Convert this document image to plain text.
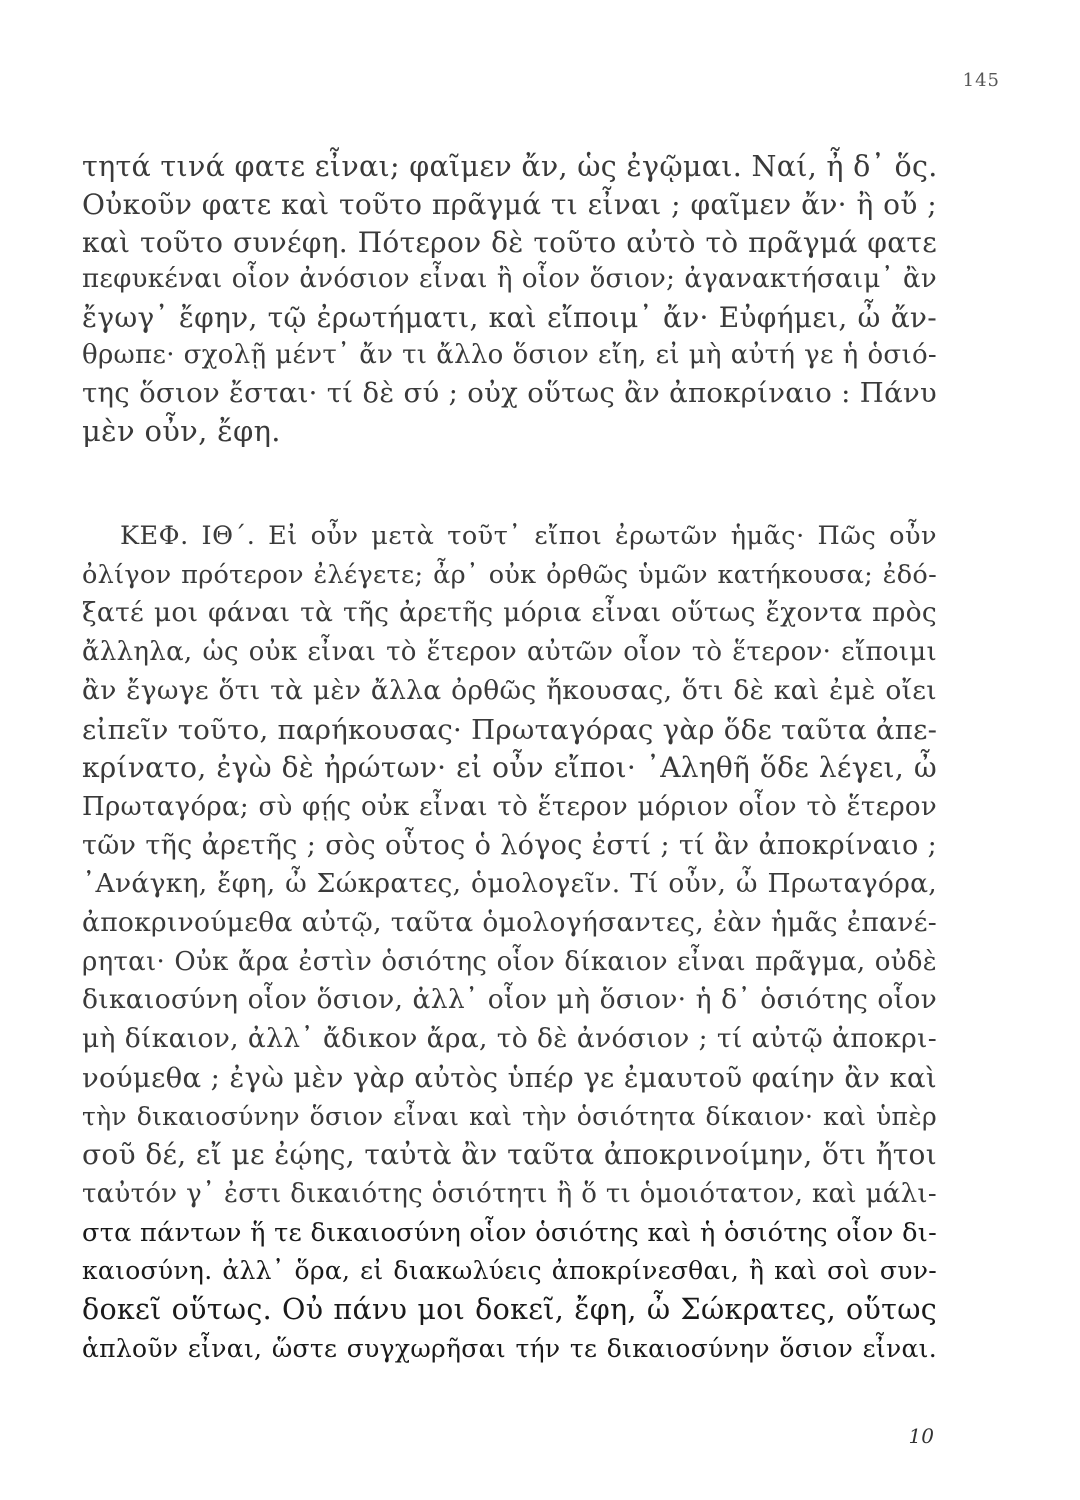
145
τητά τινά φατε εἶναι; φαῖμεν ἄν, ὡς ἐγῷμαι. Ναί, ἦ δ᾽ ὅς.
Οὐκοῦν φατε καὶ τοῦτο πρᾶγμά τι εἶναι ; φαῖμεν ἄν· ἢ οὔ ;
καὶ τοῦτο συνέφη. Πότερον δὲ τοῦτο αὐτὸ τὸ πρᾶγμά φατε
πεφυκέναι οἷον ἀνόσιον εἶναι ἢ οἷον ὅσιον; ἀγανακτήσαιμ᾽ ἂν
ἔγωγ᾽ ἔφην, τῷ ἐρωτήματι, καὶ εἴποιμ᾽ ἄν· Εὐφήμει, ὦ ἄν-
θρωπε· σχολῇ μέντ᾽ ἄν τι ἄλλο ὅσιον εἴη, εἰ μὴ αὐτή γε ἡ ὁσιό-
της ὅσιον ἔσται· τί δὲ σύ ; οὐχ οὕτως ἂν ἀποκρίναιο : Πάνυ
μὲν οὖν, ἔφη.
ΚΕΦ. ΙΘ΄. Εἰ οὖν μετὰ τοῦτ᾽ εἴποι ἐρωτῶν ἡμᾶς· Πῶς οὖν
ὀλίγον πρότερον ἐλέγετε; ἆρ᾽ οὐκ ὀρθῶς ὑμῶν κατήκουσα; ἐδό-
ξατέ μοι φάναι τὰ τῆς ἀρετῆς μόρια εἶναι οὕτως ἔχοντα πρὸς
ἄλληλα, ὡς οὐκ εἶναι τὸ ἕτερον αὐτῶν οἷον τὸ ἕτερον· εἴποιμι
ἂν ἔγωγε ὅτι τὰ μὲν ἄλλα ὀρθῶς ἤκουσας, ὅτι δὲ καὶ ἐμὲ οἴει
εἰπεῖν τοῦτο, παρήκουσας· Πρωταγόρας γὰρ ὅδε ταῦτα ἀπε-
κρίνατο, ἐγὼ δὲ ἠρώτων· εἰ οὖν εἴποι· ᾿Αληθῆ ὅδε λέγει, ὦ
Πρωταγόρα; σὺ φῄς οὐκ εἶναι τὸ ἕτερον μόριον οἷον τὸ ἕτερον
τῶν τῆς ἀρετῆς ; σὸς οὗτος ὁ λόγος ἐστί ; τί ἂν ἀποκρίναιο ;
᾿Ανάγκη, ἔφη, ὦ Σώκρατες, ὁμολογεῖν. Τί οὖν, ὦ Πρωταγόρα,
ἀποκρινούμεθα αὐτῷ, ταῦτα ὁμολογήσαντες, ἐὰν ἡμᾶς ἐπανέ-
ρηται· Οὐκ ἄρα ἐστὶν ὁσιότης οἷον δίκαιον εἶναι πρᾶγμα, οὐδὲ
δικαιοσύνη οἷον ὅσιον, ἀλλ᾽ οἷον μὴ ὅσιον· ἡ δ᾽ ὁσιότης οἷον
μὴ δίκαιον, ἀλλ᾽ ἄδικον ἄρα, τὸ δὲ ἀνόσιον ; τί αὐτῷ ἀποκρι-
νούμεθα ; ἐγὼ μὲν γὰρ αὐτὸς ὑπέρ γε ἐμαυτοῦ φαίην ἂν καὶ
τὴν δικαιοσύνην ὅσιον εἶναι καὶ τὴν ὁσιότητα δίκαιον· καὶ ὑπὲρ
σοῦ δέ, εἴ με ἐῴης, ταὐτὰ ἂν ταῦτα ἀποκρινοίμην, ὅτι ἤτοι
ταὐτόν γ᾽ ἐστι δικαιότης ὁσιότητι ἢ ὅ τι ὁμοιότατον, καὶ μάλι-
στα πάντων ἥ τε δικαιοσύνη οἷον ὁσιότης καὶ ἡ ὁσιότης οἷον δι-
καιοσύνη. ἀλλ᾽ ὅρα, εἰ διακωλύεις ἀποκρίνεσθαι, ἢ καὶ σοὶ συν-
δοκεῖ οὕτως. Οὐ πάνυ μοι δοκεῖ, ἔφη, ὦ Σώκρατες, οὕτως
ἁπλοῦν εἶναι, ὥστε συγχωρῆσαι τήν τε δικαιοσύνην ὅσιον εἶναι.
10
